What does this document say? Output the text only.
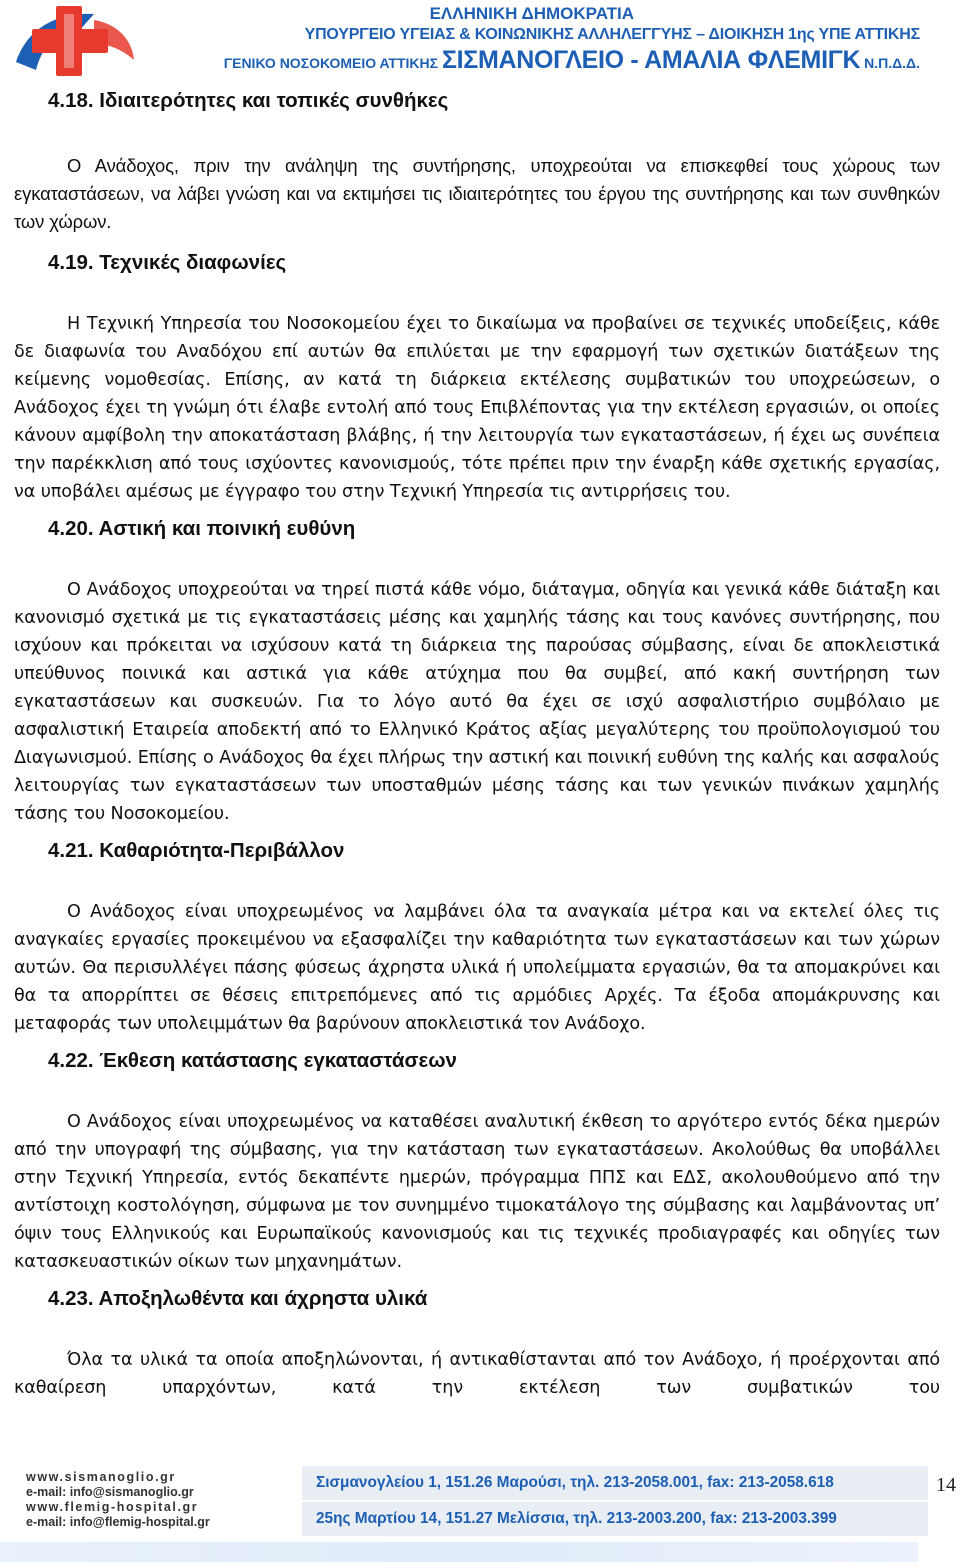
ΕΛΛΗΝΙΚΗ ΔΗΜΟΚΡΑΤΙΑ
ΥΠΟΥΡΓΕΙΟ ΥΓΕΙΑΣ & ΚΟΙΝΩΝΙΚΗΣ ΑΛΛΗΛΕΓΓΥΗΣ – ΔΙΟΙΚΗΣΗ 1ης ΥΠΕ ΑΤΤΙΚΗΣ
ΓΕΝΙΚΟ ΝΟΣΟΚΟΜΕΙΟ ΑΤΤΙΚΗΣ ΣΙΣΜΑΝΟΓΛΕΙΟ - ΑΜΑΛΙΑ ΦΛΕΜΙΓΚ Ν.Π.Δ.Δ.
4.18. Ιδιαιτερότητες και τοπικές συνθήκες

Ο Ανάδοχος, πριν την ανάληψη της συντήρησης, υποχρεούται να επισκεφθεί τους χώρους των εγκαταστάσεων, να λάβει γνώση και να εκτιμήσει τις ιδιαιτερότητες του έργου της συντήρησης και των συνθηκών των χώρων.

4.19. Τεχνικές διαφωνίες

Η Τεχνική Υπηρεσία του Νοσοκομείου έχει το δικαίωμα να προβαίνει σε τεχνικές υποδείξεις, κάθε δε διαφωνία του Αναδόχου επί αυτών θα επιλύεται με την εφαρμογή των σχετικών διατάξεων της κείμενης νομοθεσίας. Επίσης, αν κατά τη διάρκεια εκτέλεσης συμβατικών του υποχρεώσεων, ο Ανάδοχος έχει τη γνώμη ότι έλαβε εντολή από τους Επιβλέποντας για την εκτέλεση εργασιών, οι οποίες κάνουν αμφίβολη την αποκατάσταση βλάβης, ή την λειτουργία των εγκαταστάσεων, ή έχει ως συνέπεια την παρέκκλιση από τους ισχύοντες κανονισμούς, τότε πρέπει πριν την έναρξη κάθε σχετικής εργασίας, να υποβάλει αμέσως με έγγραφο του στην Τεχνική Υπηρεσία τις αντιρρήσεις του.

4.20. Αστική και ποινική ευθύνη

Ο Ανάδοχος υποχρεούται να τηρεί πιστά κάθε νόμο, διάταγμα, οδηγία και γενικά κάθε διάταξη και κανονισμό σχετικά με τις εγκαταστάσεις μέσης και χαμηλής τάσης και τους κανόνες συντήρησης, που ισχύουν και πρόκειται να ισχύσουν κατά τη διάρκεια της παρούσας σύμβασης, είναι δε αποκλειστικά υπεύθυνος ποινικά και αστικά για κάθε ατύχημα που θα συμβεί, από κακή συντήρηση των εγκαταστάσεων και συσκευών. Για το λόγο αυτό θα έχει σε ισχύ ασφαλιστήριο συμβόλαιο με ασφαλιστική Εταιρεία αποδεκτή από το Ελληνικό Κράτος αξίας μεγαλύτερης του προϋπολογισμού του Διαγωνισμού. Επίσης ο Ανάδοχος θα έχει πλήρως την αστική και ποινική ευθύνη της καλής και ασφαλούς λειτουργίας των εγκαταστάσεων των υποσταθμών μέσης τάσης και των γενικών πινάκων χαμηλής τάσης του Νοσοκομείου.

4.21. Καθαριότητα-Περιβάλλον

Ο Ανάδοχος είναι υποχρεωμένος να λαμβάνει όλα τα αναγκαία μέτρα και να εκτελεί όλες τις αναγκαίες εργασίες προκειμένου να εξασφαλίζει την καθαριότητα των εγκαταστάσεων και των χώρων αυτών. Θα περισυλλέγει πάσης φύσεως άχρηστα υλικά ή υπολείμματα εργασιών, θα τα απομακρύνει και θα τα απορρίπτει σε θέσεις επιτρεπόμενες από τις αρμόδιες Αρχές. Τα έξοδα απομάκρυνσης και μεταφοράς των υπολειμμάτων θα βαρύνουν αποκλειστικά τον Ανάδοχο.

4.22. Έκθεση κατάστασης εγκαταστάσεων

Ο Ανάδοχος είναι υποχρεωμένος να καταθέσει αναλυτική έκθεση το αργότερο εντός δέκα ημερών από την υπογραφή της σύμβασης, για την κατάσταση των εγκαταστάσεων. Ακολούθως θα υποβάλλει στην Τεχνική Υπηρεσία, εντός δεκαπέντε ημερών, πρόγραμμα ΠΠΣ και ΕΔΣ, ακολουθούμενο από την αντίστοιχη κοστολόγηση, σύμφωνα με τον συνημμένο τιμοκατάλογο της σύμβασης και λαμβάνοντας υπ’ όψιν τους Ελληνικούς και Ευρωπαϊκούς κανονισμούς και τις τεχνικές προδιαγραφές και οδηγίες των κατασκευαστικών οίκων των μηχανημάτων.

4.23. Αποξηλωθέντα και άχρηστα υλικά

Όλα τα υλικά τα οποία αποξηλώνονται, ή αντικαθίστανται από τον Ανάδοχο, ή προέρχονται από καθαίρεση υπαρχόντων, κατά την εκτέλεση των συμβατικών του

www.sismanoglio.gr
e-mail: info@sismanoglio.gr
www.flemig-hospital.gr
e-mail: info@flemig-hospital.gr
Σισμανογλείου 1, 151.26 Μαρούσι, τηλ. 213-2058.001, fax: 213-2058.618
25ης Μαρτίου 14, 151.27 Μελίσσια, τηλ. 213-2003.200, fax: 213-2003.399
14
